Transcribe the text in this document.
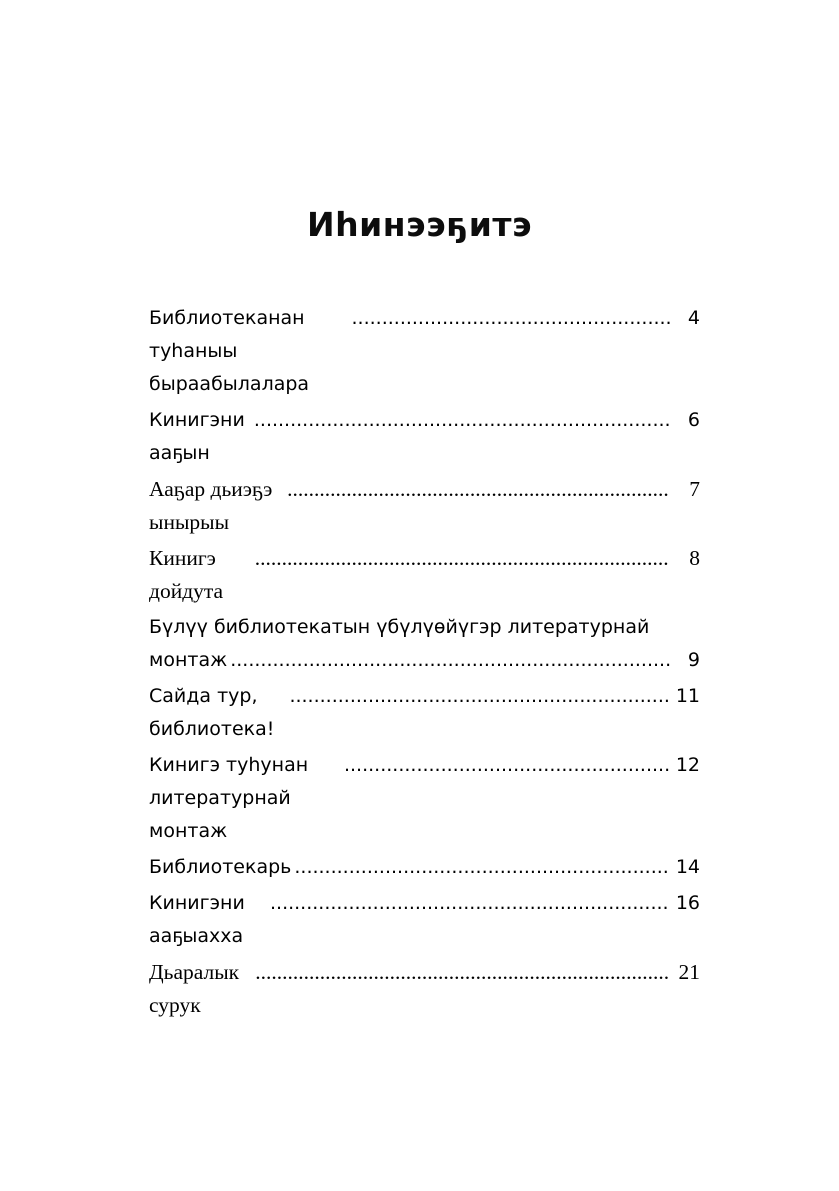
Иһинээҕитэ
Библиотеканан туһаныы быраабылалара
.....
4
Кинигэни ааҕын
.....
6
Ааҕар дьиэҕэ ынырыы
.....
7
Кинигэ дойдута
.....
8
Бүлүү библиотекатын үбүлүөйүгэр литературнай
монтаж .....	9
Сайда тур, библиотека!
.....
11
Кинигэ туһунан литературнай монтаж
.....
12
Библиотекарь .....	14
Кинигэни ааҕыахха
.....
16
Дьаралык сурук
.....
21
